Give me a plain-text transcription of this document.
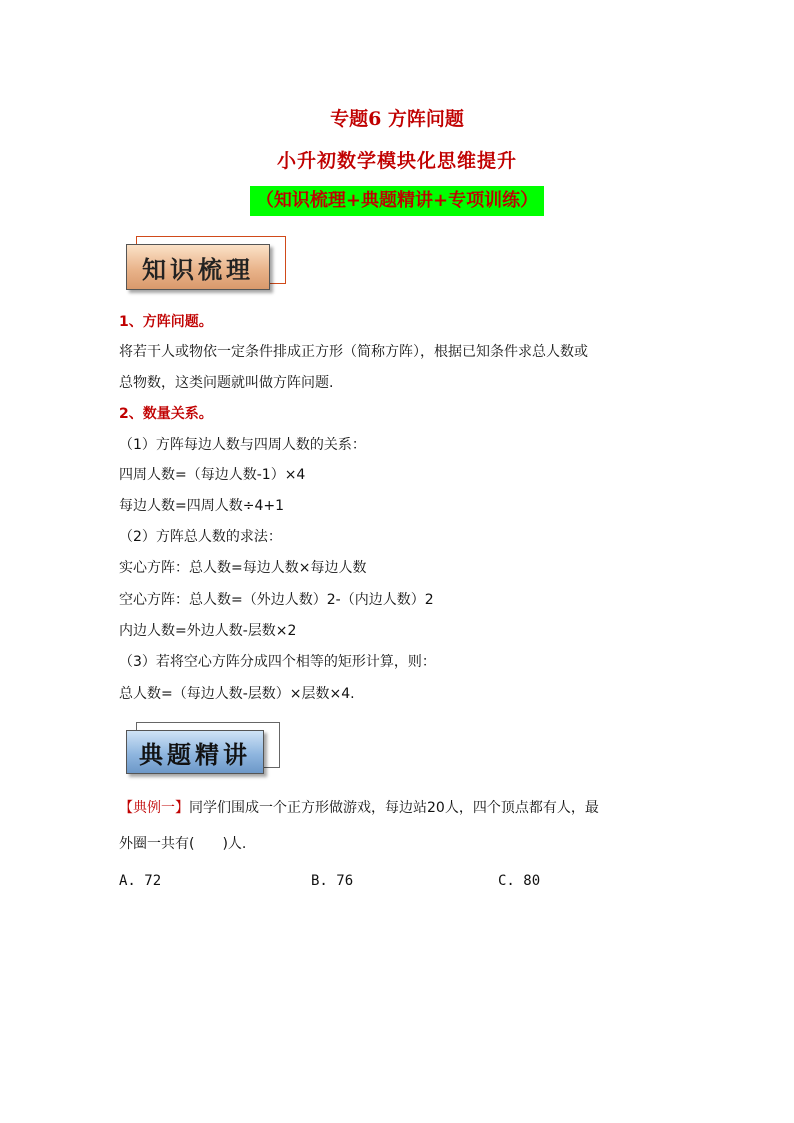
专题6 方阵问题
小升初数学模块化思维提升
（知识梳理+典题精讲+专项训练）
知识梳理
1、方阵问题。
将若干人或物依一定条件排成正方形（简称方阵），根据已知条件求总人数或
总物数，这类问题就叫做方阵问题.
2、数量关系。
（1）方阵每边人数与四周人数的关系：
四周人数=（每边人数-1）×4
每边人数=四周人数÷4+1
（2）方阵总人数的求法：
实心方阵：总人数=每边人数×每边人数
空心方阵：总人数=（外边人数）2-（内边人数）2
内边人数=外边人数-层数×2
（3）若将空心方阵分成四个相等的矩形计算，则：
总人数=（每边人数-层数）×层数×4.
典题精讲
【典例一】同学们围成一个正方形做游戏，每边站20人，四个顶点都有人，最
外圈一共有(　　)人.
A. 72	B. 76	C. 80
